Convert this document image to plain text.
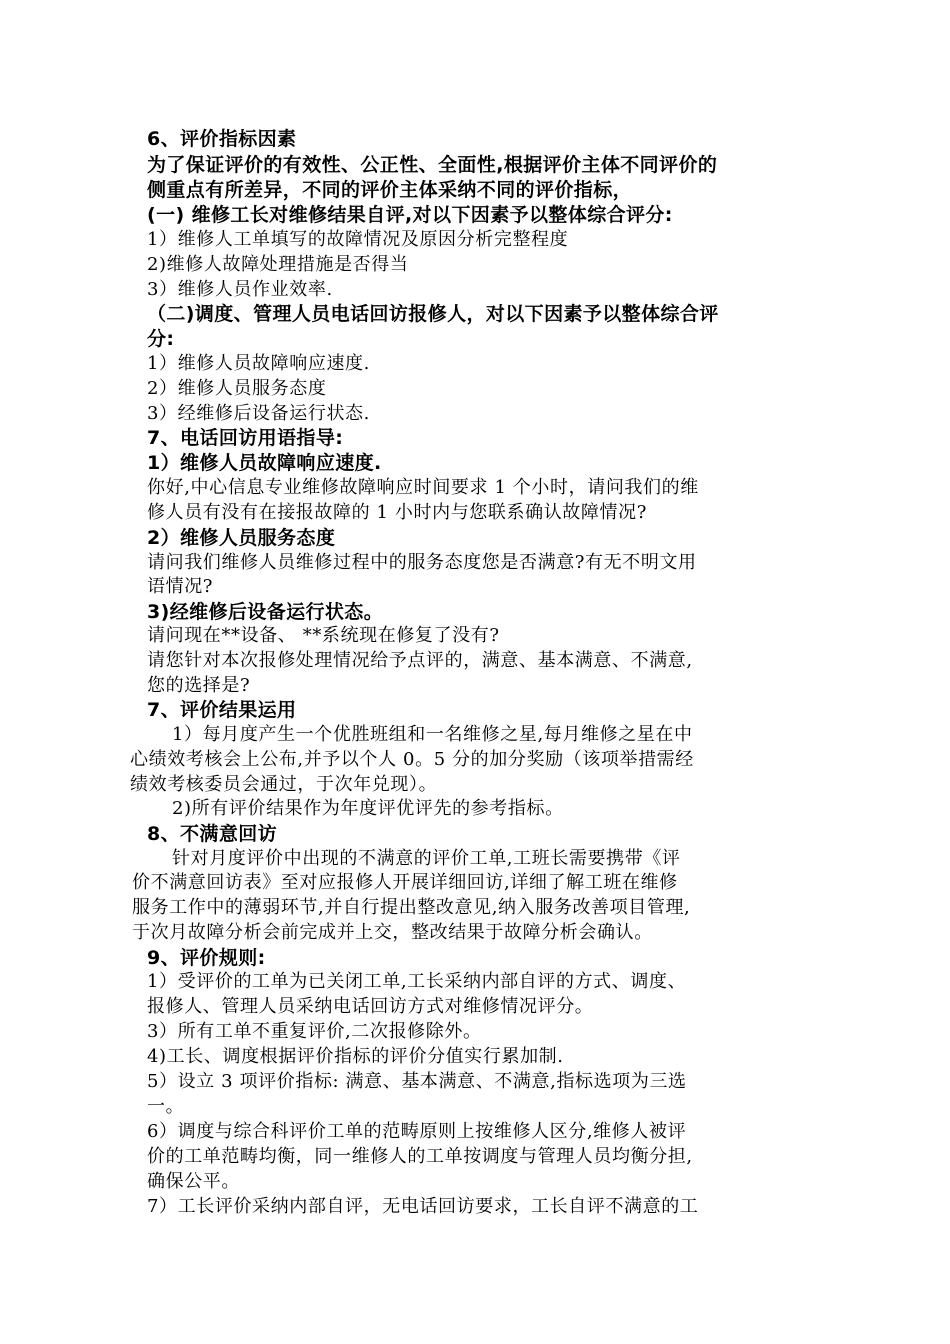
6、评价指标因素
为了保证评价的有效性、公正性、全面性,根据评价主体不同评价的
侧重点有所差异，不同的评价主体采纳不同的评价指标，
(一) 维修工长对维修结果自评,对以下因素予以整体综合评分:
1）维修人工单填写的故障情况及原因分析完整程度
2)维修人故障处理措施是否得当
3）维修人员作业效率.
（二)调度、管理人员电话回访报修人，对以下因素予以整体综合评
分:
1）维修人员故障响应速度.
2）维修人员服务态度
3）经维修后设备运行状态.
7、电话回访用语指导:
1）维修人员故障响应速度.
你好,中心信息专业维修故障响应时间要求 1 个小时，请问我们的维
修人员有没有在接报故障的 1 小时内与您联系确认故障情况?
2）维修人员服务态度
请问我们维修人员维修过程中的服务态度您是否满意?有无不明文用
语情况?
3)经维修后设备运行状态。
请问现在**设备、 **系统现在修复了没有?
请您针对本次报修处理情况给予点评的，满意、基本满意、不满意,
您的选择是?
7、评价结果运用
1）每月度产生一个优胜班组和一名维修之星,每月维修之星在中
心绩效考核会上公布,并予以个人 0。5 分的加分奖励（该项举措需经
绩效考核委员会通过，于次年兑现）。
2)所有评价结果作为年度评优评先的参考指标。
8、不满意回访
针对月度评价中出现的不满意的评价工单,工班长需要携带《评
价不满意回访表》至对应报修人开展详细回访,详细了解工班在维修
服务工作中的薄弱环节,并自行提出整改意见,纳入服务改善项目管理,
于次月故障分析会前完成并上交，整改结果于故障分析会确认。
9、评价规则:
1）受评价的工单为已关闭工单,工长采纳内部自评的方式、调度、
报修人、管理人员采纳电话回访方式对维修情况评分。
3）所有工单不重复评价,二次报修除外。
4)工长、调度根据评价指标的评价分值实行累加制.
5）设立 3 项评价指标: 满意、基本满意、不满意,指标选项为三选
一。
6）调度与综合科评价工单的范畴原则上按维修人区分,维修人被评
价的工单范畴均衡，同一维修人的工单按调度与管理人员均衡分担,
确保公平。
7）工长评价采纳内部自评，无电话回访要求，工长自评不满意的工
